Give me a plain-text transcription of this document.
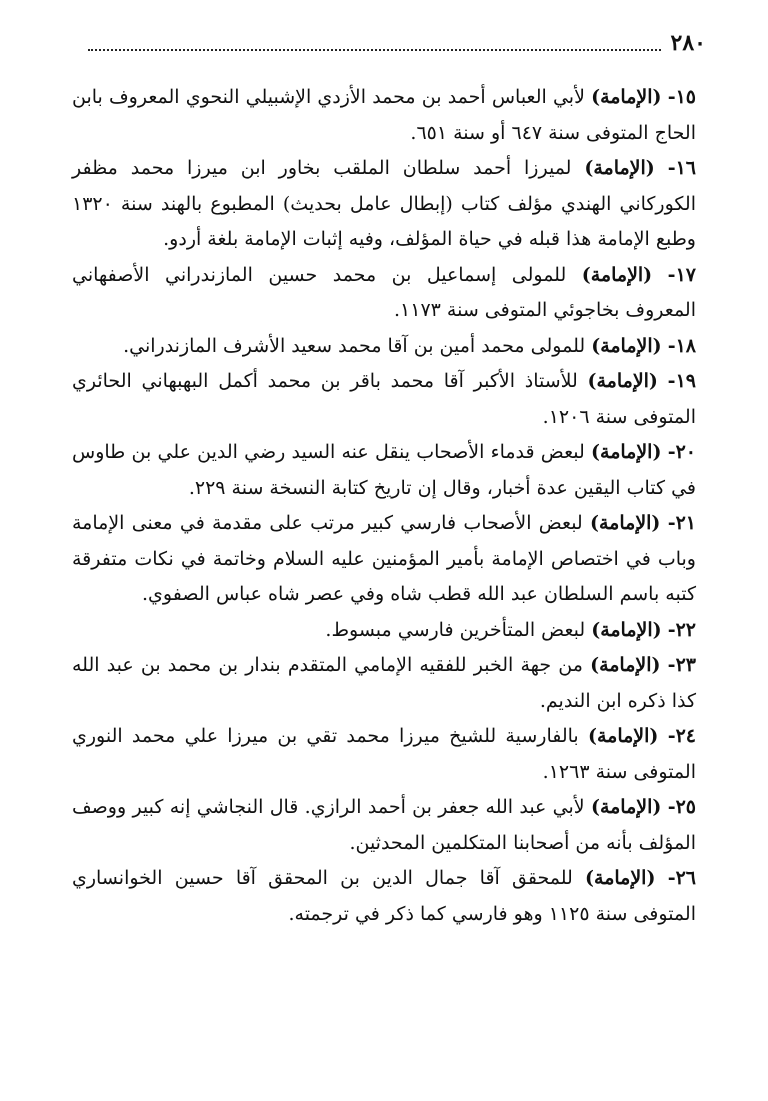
٢٨٠

١٥- (الإمامة) لأبي العباس أحمد بن محمد الأزدي الإشبيلي النحوي المعروف بابن الحاج المتوفى سنة ٦٤٧ أو سنة ٦٥١.

١٦- (الإمامة) لميرزا أحمد سلطان الملقب بخاور ابن ميرزا محمد مظفر الكوركاني الهندي مؤلف كتاب (إبطال عامل بحديث) المطبوع بالهند سنة ١٣٢٠ وطبع الإمامة هذا قبله في حياة المؤلف، وفيه إثبات الإمامة بلغة أردو.

١٧- (الإمامة) للمولى إسماعيل بن محمد حسين المازندراني الأصفهاني المعروف بخاجوئي المتوفى سنة ١١٧٣.

١٨- (الإمامة) للمولى محمد أمين بن آقا محمد سعيد الأشرف المازندراني.

١٩- (الإمامة) للأستاذ الأكبر آقا محمد باقر بن محمد أكمل البهبهاني الحائري المتوفى سنة ١٢٠٦.

٢٠- (الإمامة) لبعض قدماء الأصحاب ينقل عنه السيد رضي الدين علي بن طاوس في كتاب اليقين عدة أخبار، وقال إن تاريخ كتابة النسخة سنة ٢٢٩.

٢١- (الإمامة) لبعض الأصحاب فارسي كبير مرتب على مقدمة في معنى الإمامة وباب في اختصاص الإمامة بأمير المؤمنين عليه السلام وخاتمة في نكات متفرقة كتبه باسم السلطان عبد الله قطب شاه وفي عصر شاه عباس الصفوي.

٢٢- (الإمامة) لبعض المتأخرين فارسي مبسوط.

٢٣- (الإمامة) من جهة الخبر للفقيه الإمامي المتقدم بندار بن محمد بن عبد الله كذا ذكره ابن النديم.

٢٤- (الإمامة) بالفارسية للشيخ ميرزا محمد تقي بن ميرزا علي محمد النوري المتوفى سنة ١٢٦٣.

٢٥- (الإمامة) لأبي عبد الله جعفر بن أحمد الرازي. قال النجاشي إنه كبير ووصف المؤلف بأنه من أصحابنا المتكلمين المحدثين.

٢٦- (الإمامة) للمحقق آقا جمال الدين بن المحقق آقا حسين الخوانساري المتوفى سنة ١١٢٥ وهو فارسي كما ذكر في ترجمته.
